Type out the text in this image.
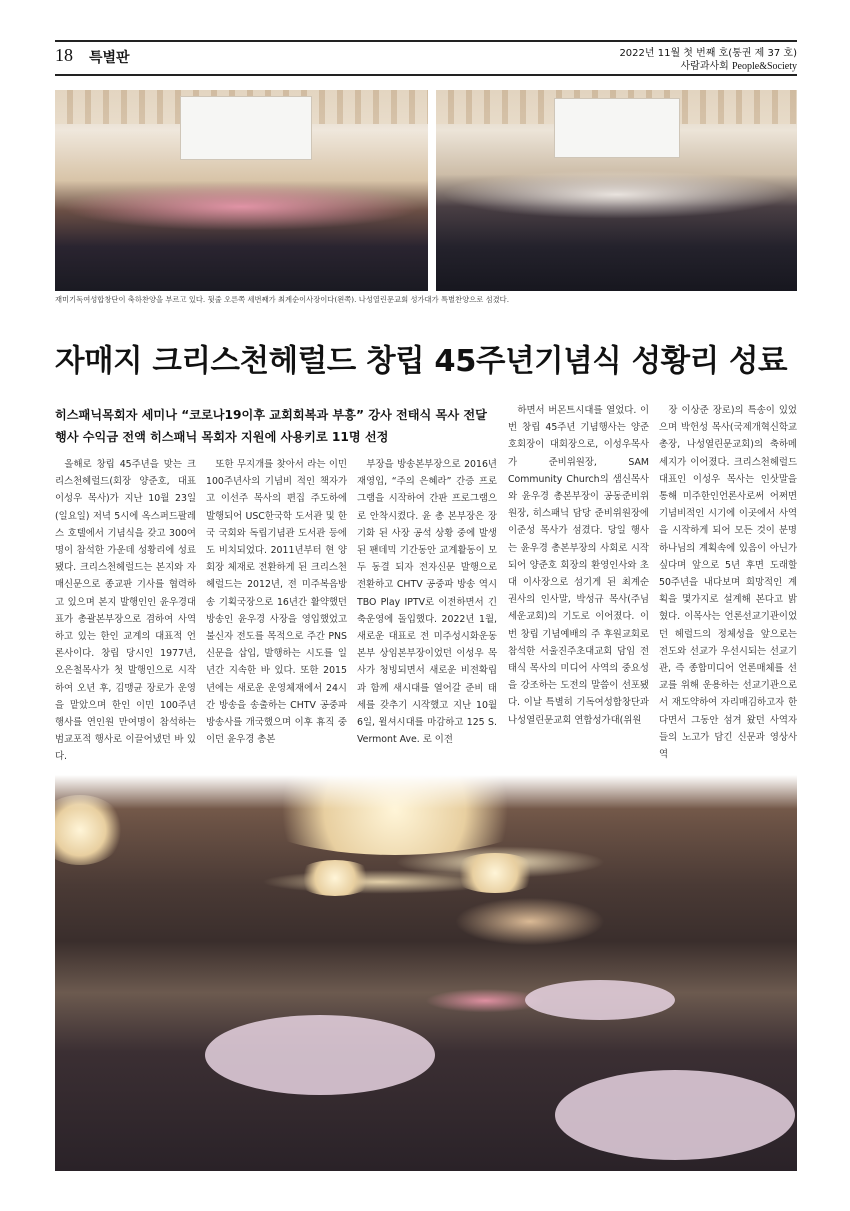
18 특별판	2022년 11월 첫 번째 호(통권 제 37 호)
사람과사회 People&Society
재미기독여성합창단이 축하찬양을 부르고 있다. 뒷줄 오른쪽 세번째가 최계순이사장이다(왼쪽). 나성열린문교회 성가대가 특별찬양으로 섬겼다.
자매지 크리스천헤럴드 창립 45주년기념식 성황리 성료
히스패닉목회자 세미나 “코로나19이후 교회회복과 부흥” 강사 전태식 목사 전달
행사 수익금 전액 히스패닉 목회자 지원에 사용키로 11명 선정

올해로 창립 45주년을 맞는 크리스천헤럴드(회장 양준호, 대표 이성우 목사)가 지난 10월 23일(일요일) 저녁 5시에 옥스퍼드팔레스 호텔에서 기념식을 갖고 300여명이 참석한 가운데 성황리에 성료됐다. 크리스천헤럴드는 본지와 자매신문으로 종교판 기사를 협력하고 있으며 본지 발행인인 윤우경대표가 총괄본부장으로 겸하여 사역하고 있는 한인 교계의 대표적 언론사이다. 창립 당시인 1977년, 오은철목사가 첫 발행인으로 시작하여 오년 후, 김맹균 장로가 운영을 맡았으며 한인 이민 100주년 행사를 연인원 만여명이 참석하는 범교포적 행사로 이끌어냈던 바 있다.

또한 무지개를 찾아서 라는 이민 100주년사의 기념비 적인 책자가 고 이선주 목사의 편집 주도하에 발행되어 USC한국학 도서관 및 한국 국회와 독립기념관 도서관 등에도 비치되었다. 2011년부터 현 양회장 체재로 전환하게 된 크리스천헤럴드는 2012년, 전 미주복음방송 기획국장으로 16년간 활약했던 방송인 윤우경 사장을 영입했었고 불신자 전도를 목적으로 주간 PNS신문을 삽입, 발행하는 시도를 일년간 지속한 바 있다. 또한 2015년에는 새로운 운영체재에서 24시간 방송을 송출하는 CHTV 공중파 방송사를 개국했으며 이후 휴직 중이던 윤우경 총본

부장을 방송본부장으로 2016년 재영입, “주의 은혜라” 간증 프로그램을 시작하여 간판 프로그램으로 안착시켰다. 윤 총 본부장은 장기화 된 사장 공석 상황 중에 발생된 팬데믹 기간동안 교계활동이 모두 동결 되자 전자신문 발행으로 전환하고 CHTV 공중파 방송 역시 TBO Play IPTV로 이전하면서 긴축운영에 돌입했다. 2022년 1월, 새로운 대표로 전 미주성시화운동본부 상임본부장이었던 이성우 목사가 청빙되면서 새로운 비전확립과 함께 새시대를 열어갈 준비 태세를 갖추기 시작했고 지난 10월 6일, 윌셔시대를 마감하고 125 S. Vermont Ave. 로 이전

하면서 버몬트시대를 열었다. 이번 창립 45주년 기념행사는 양준호회장이 대회장으로, 이성우목사가 준비위원장, SAM Community Church의 샘신목사와 윤우경 총본부장이 공동준비위원장, 히스패닉 담당 준비위원장에 이준성 목사가 섬겼다. 당일 행사는 윤우경 총본부장의 사회로 시작되어 양준호 회장의 환영인사와 초대 이사장으로 섬기게 된 최계순 권사의 인사말, 박성규 목사(주님세운교회)의 기도로 이어졌다. 이번 창립 기념예배의 주 후원교회로 참석한 서울진주초대교회 담임 전태식 목사의 미디어 사역의 중요성을 강조하는 도전의 말씀이 선포됐다. 이날 특별히 기독여성합창단과 나성열린문교회 연합성가대(위원

장 이상준 장로)의 특송이 있었으며 박헌성 목사(국제개혁신학교 총장, 나성열린문교회)의 축하메세지가 이어졌다. 크리스천헤럴드 대표인 이성우 목사는 인삿말을 통해 미주한인언론사로써 어쩌면 기념비적인 시기에 이곳에서 사역을 시작하게 되어 모든 것이 분명 하나님의 계획속에 있음이 아닌가 싶다며 앞으로 5년 후면 도래할 50주년을 내다보며 희망적인 계획을 몇가지로 설계해 본다고 밝혔다. 이목사는 언론선교기관이었던 헤럴드의 정체성을 앞으로는 전도와 선교가 우선시되는 선교기관, 즉 종합미디어 언론매체를 선교를 위해 운용하는 선교기관으로서 재도약하여 자리매김하고자 한다면서 그동안 섬겨 왔던 사역자들의 노고가 담긴 신문과 영상사역
